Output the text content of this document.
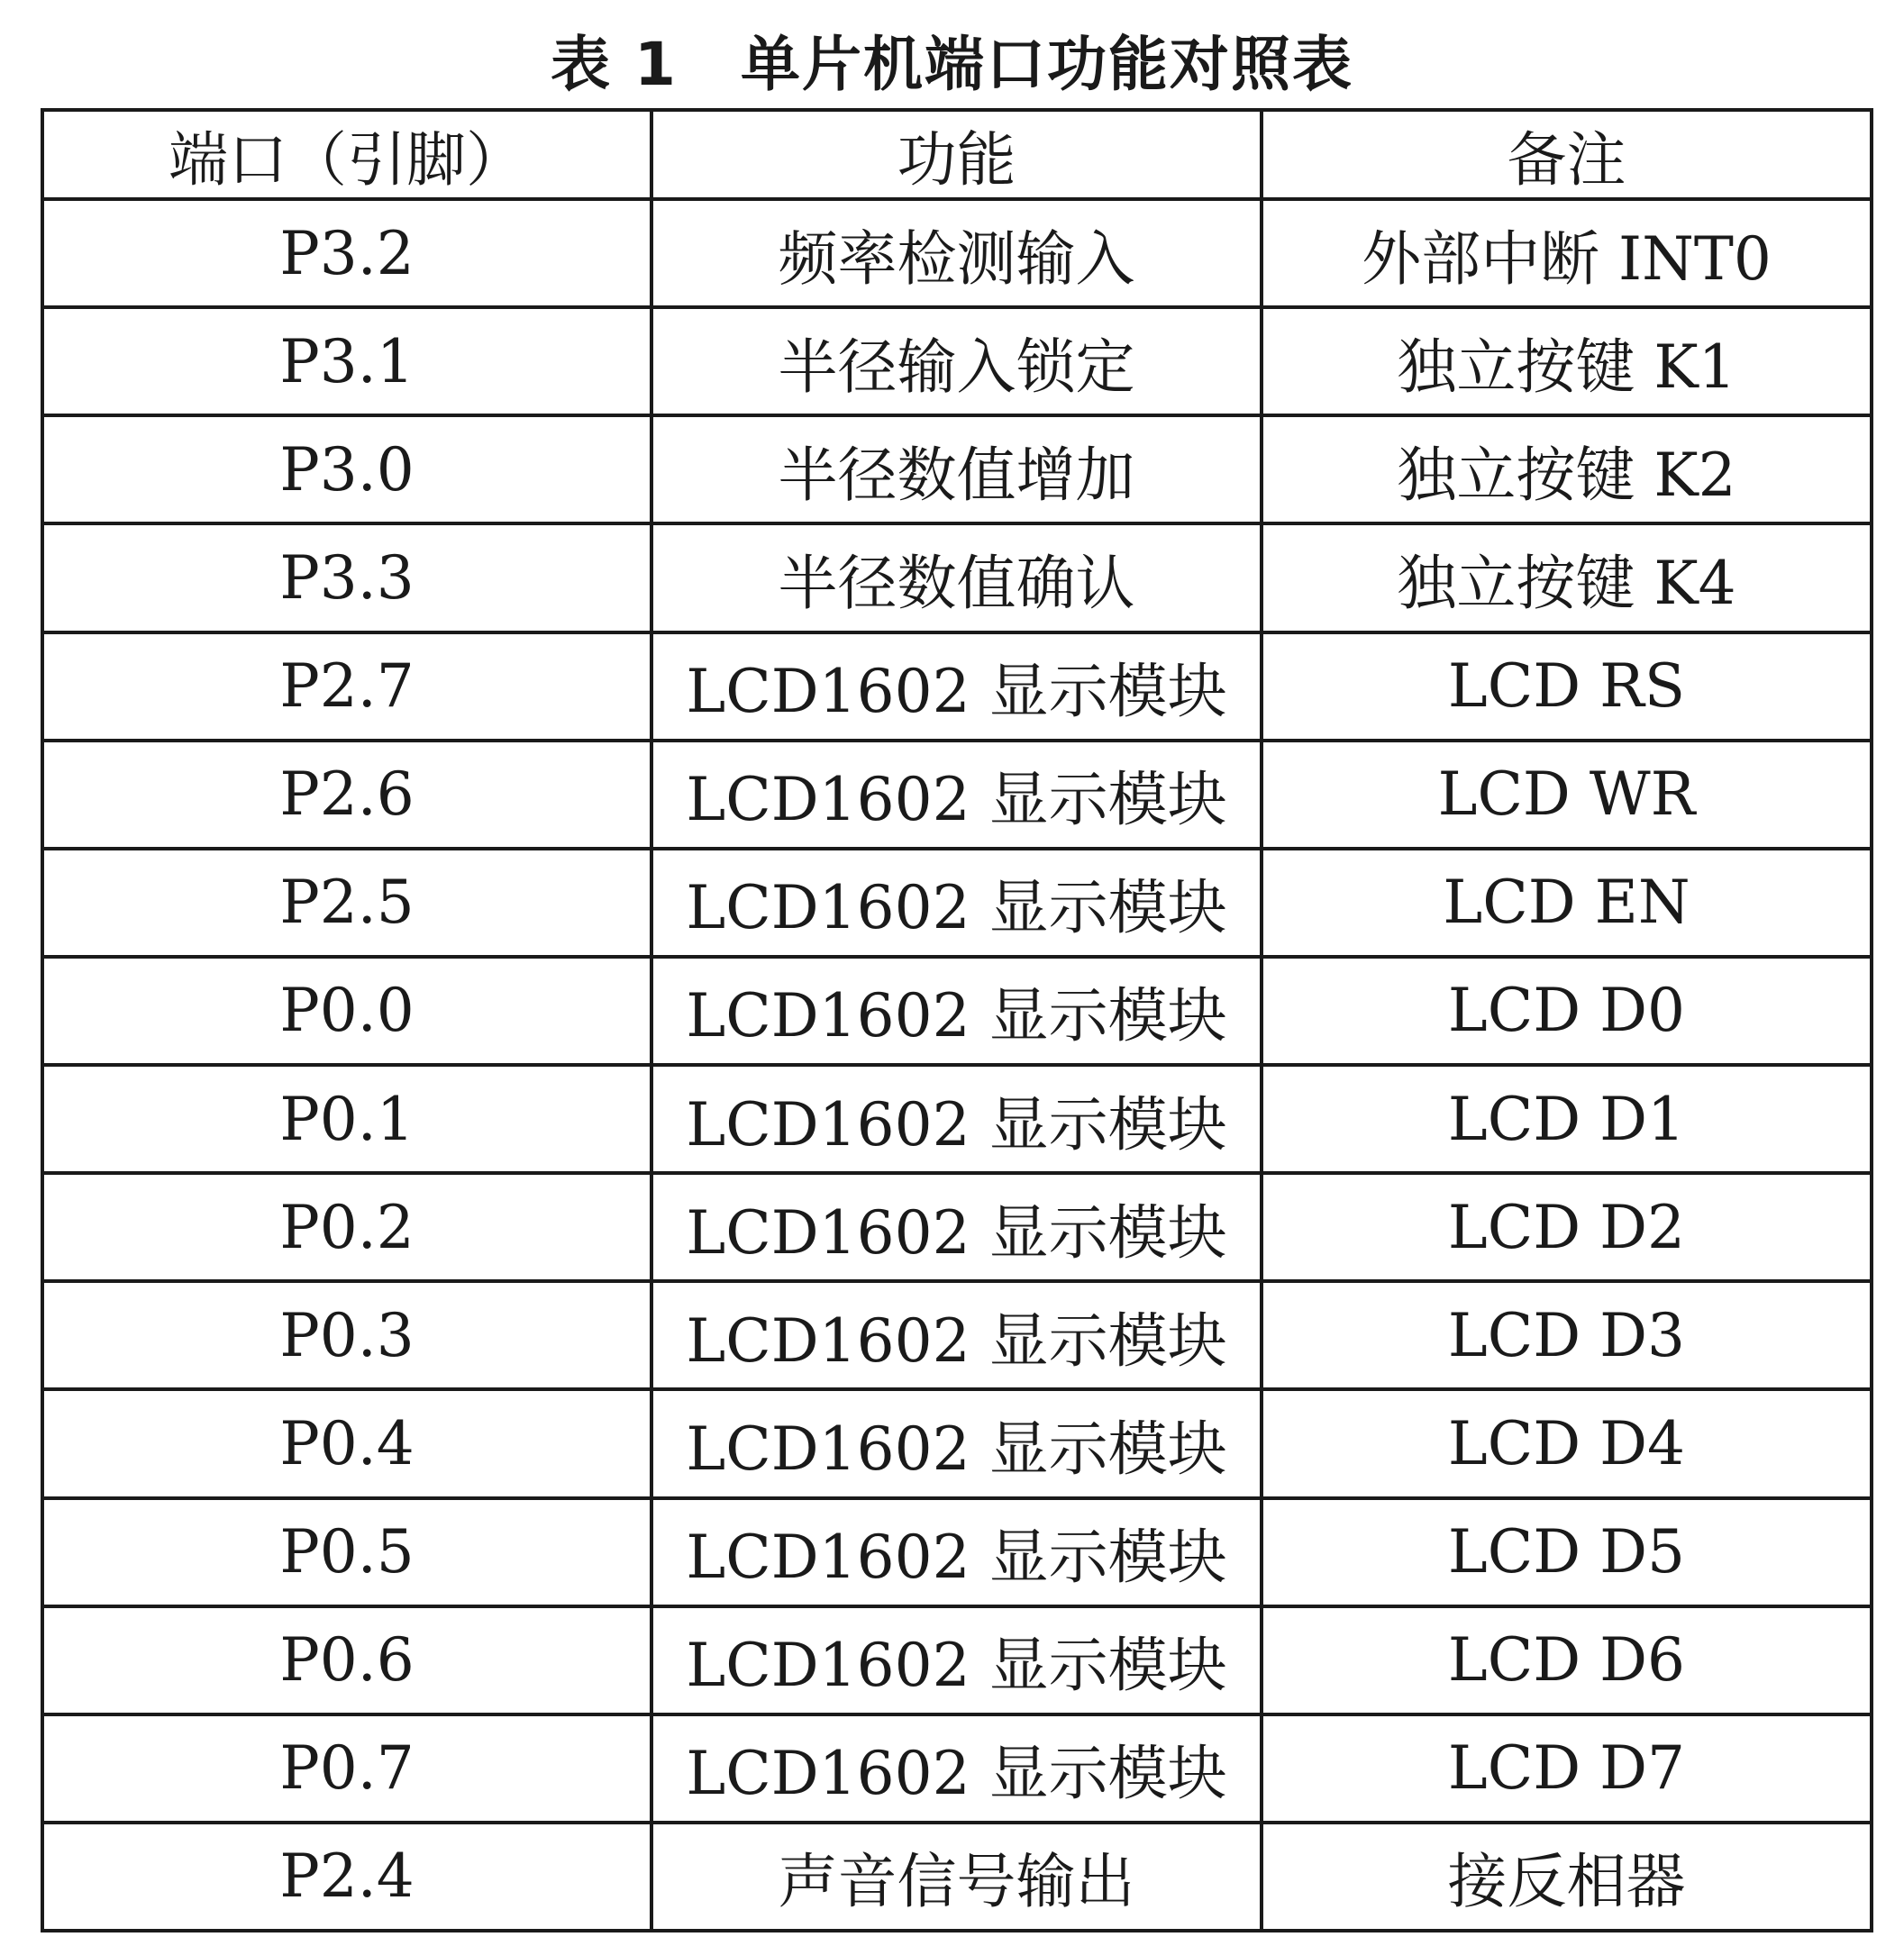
表 1 单片机端口功能对照表
端口（引脚）	功能	备注
P3.2	频率检测输入	外部中断 INT0
P3.1	半径输入锁定	独立按键 K1
P3.0	半径数值增加	独立按键 K2
P3.3	半径数值确认	独立按键 K4
P2.7	LCD1602 显示模块	LCD RS
P2.6	LCD1602 显示模块	LCD WR
P2.5	LCD1602 显示模块	LCD EN
P0.0	LCD1602 显示模块	LCD D0
P0.1	LCD1602 显示模块	LCD D1
P0.2	LCD1602 显示模块	LCD D2
P0.3	LCD1602 显示模块	LCD D3
P0.4	LCD1602 显示模块	LCD D4
P0.5	LCD1602 显示模块	LCD D5
P0.6	LCD1602 显示模块	LCD D6
P0.7	LCD1602 显示模块	LCD D7
P2.4	声音信号输出	接反相器
